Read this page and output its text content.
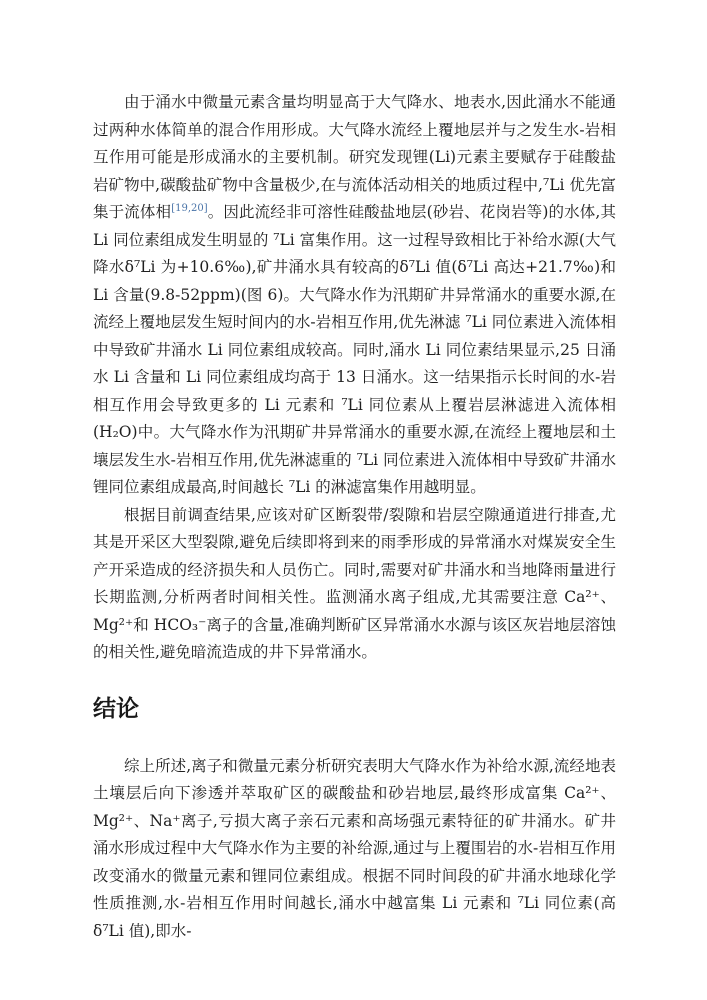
由于涌水中微量元素含量均明显高于大气降水、地表水,因此涌水不能通过两种水体简单的混合作用形成。大气降水流经上覆地层并与之发生水-岩相互作用可能是形成涌水的主要机制。研究发现锂(Li)元素主要赋存于硅酸盐岩矿物中,碳酸盐矿物中含量极少,在与流体活动相关的地质过程中,⁷Li 优先富集于流体相[19,20]。因此流经非可溶性硅酸盐地层(砂岩、花岗岩等)的水体,其 Li 同位素组成发生明显的 ⁷Li 富集作用。这一过程导致相比于补给水源(大气降水δ⁷Li 为+10.6‰),矿井涌水具有较高的δ⁷Li 值(δ⁷Li 高达+21.7‰)和 Li 含量(9.8-52ppm)(图 6)。大气降水作为汛期矿井异常涌水的重要水源,在流经上覆地层发生短时间内的水-岩相互作用,优先淋滤 ⁷Li 同位素进入流体相中导致矿井涌水 Li 同位素组成较高。同时,涌水 Li 同位素结果显示,25 日涌水 Li 含量和 Li 同位素组成均高于 13 日涌水。这一结果指示长时间的水-岩相互作用会导致更多的 Li 元素和 ⁷Li 同位素从上覆岩层淋滤进入流体相(H₂O)中。大气降水作为汛期矿井异常涌水的重要水源,在流经上覆地层和土壤层发生水-岩相互作用,优先淋滤重的 ⁷Li 同位素进入流体相中导致矿井涌水锂同位素组成最高,时间越长 ⁷Li 的淋滤富集作用越明显。

根据目前调查结果,应该对矿区断裂带/裂隙和岩层空隙通道进行排查,尤其是开采区大型裂隙,避免后续即将到来的雨季形成的异常涌水对煤炭安全生产开采造成的经济损失和人员伤亡。同时,需要对矿井涌水和当地降雨量进行长期监测,分析两者时间相关性。监测涌水离子组成,尤其需要注意 Ca²⁺、Mg²⁺和 HCO₃⁻离子的含量,准确判断矿区异常涌水水源与该区灰岩地层溶蚀的相关性,避免暗流造成的井下异常涌水。

结论

综上所述,离子和微量元素分析研究表明大气降水作为补给水源,流经地表土壤层后向下渗透并萃取矿区的碳酸盐和砂岩地层,最终形成富集 Ca²⁺、Mg²⁺、Na⁺离子,亏损大离子亲石元素和高场强元素特征的矿井涌水。矿井涌水形成过程中大气降水作为主要的补给源,通过与上覆围岩的水-岩相互作用改变涌水的微量元素和锂同位素组成。根据不同时间段的矿井涌水地球化学性质推测,水-岩相互作用时间越长,涌水中越富集 Li 元素和 ⁷Li 同位素(高δ⁷Li 值),即水-
